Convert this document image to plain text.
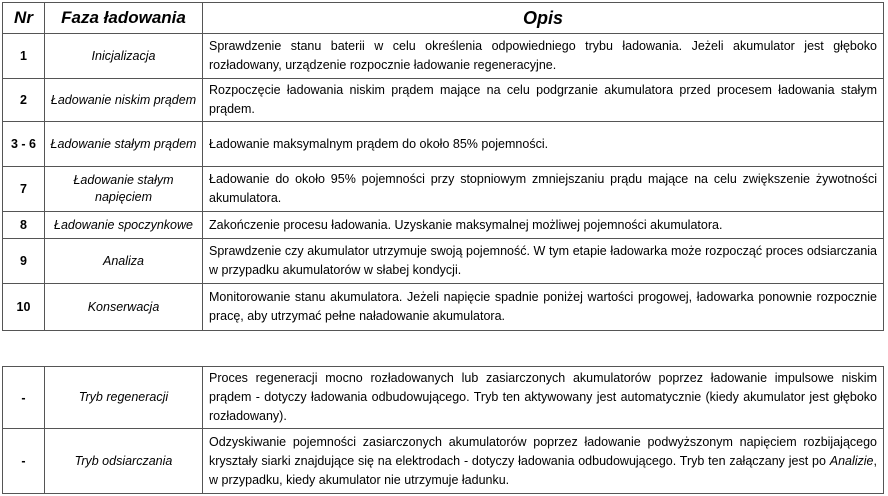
Nr	Faza ładowania	Opis
1	Inicjalizacja	Sprawdzenie stanu baterii w celu określenia odpowiedniego trybu ładowania. Jeżeli akumulator jest głęboko rozładowany, urządzenie rozpocznie ładowanie regeneracyjne.
2	Ładowanie niskim prądem	Rozpoczęcie ładowania niskim prądem mające na celu podgrzanie akumulatora przed procesem ładowania stałym prądem.
3 - 6	Ładowanie stałym prądem	Ładowanie maksymalnym prądem do około 85% pojemności.
7	Ładowanie stałym napięciem	Ładowanie do około 95% pojemności przy stopniowym zmniejszaniu prądu mające na celu zwiększenie żywotności akumulatora.
8	Ładowanie spoczynkowe	Zakończenie procesu ładowania. Uzyskanie maksymalnej możliwej pojemności akumulatora.
9	Analiza	Sprawdzenie czy akumulator utrzymuje swoją pojemność. W tym etapie ładowarka może rozpocząć proces odsiarczania w przypadku akumulatorów w słabej kondycji.
10	Konserwacja	Monitorowanie stanu akumulatora. Jeżeli napięcie spadnie poniżej wartości progowej, ładowarka ponownie rozpocznie pracę, aby utrzymać pełne naładowanie akumulatora.
-	Tryb regeneracji	Proces regeneracji mocno rozładowanych lub zasiarczonych akumulatorów poprzez ładowanie impulsowe niskim prądem - dotyczy ładowania odbudowującego. Tryb ten aktywowany jest automatycznie (kiedy akumulator jest głęboko rozładowany).
-	Tryb odsiarczania	Odzyskiwanie pojemności zasiarczonych akumulatorów poprzez ładowanie podwyższonym napięciem rozbijającego kryształy siarki znajdujące się na elektrodach - dotyczy ładowania odbudowującego. Tryb ten załączany jest po Analizie, w przypadku, kiedy akumulator nie utrzymuje ładunku.
